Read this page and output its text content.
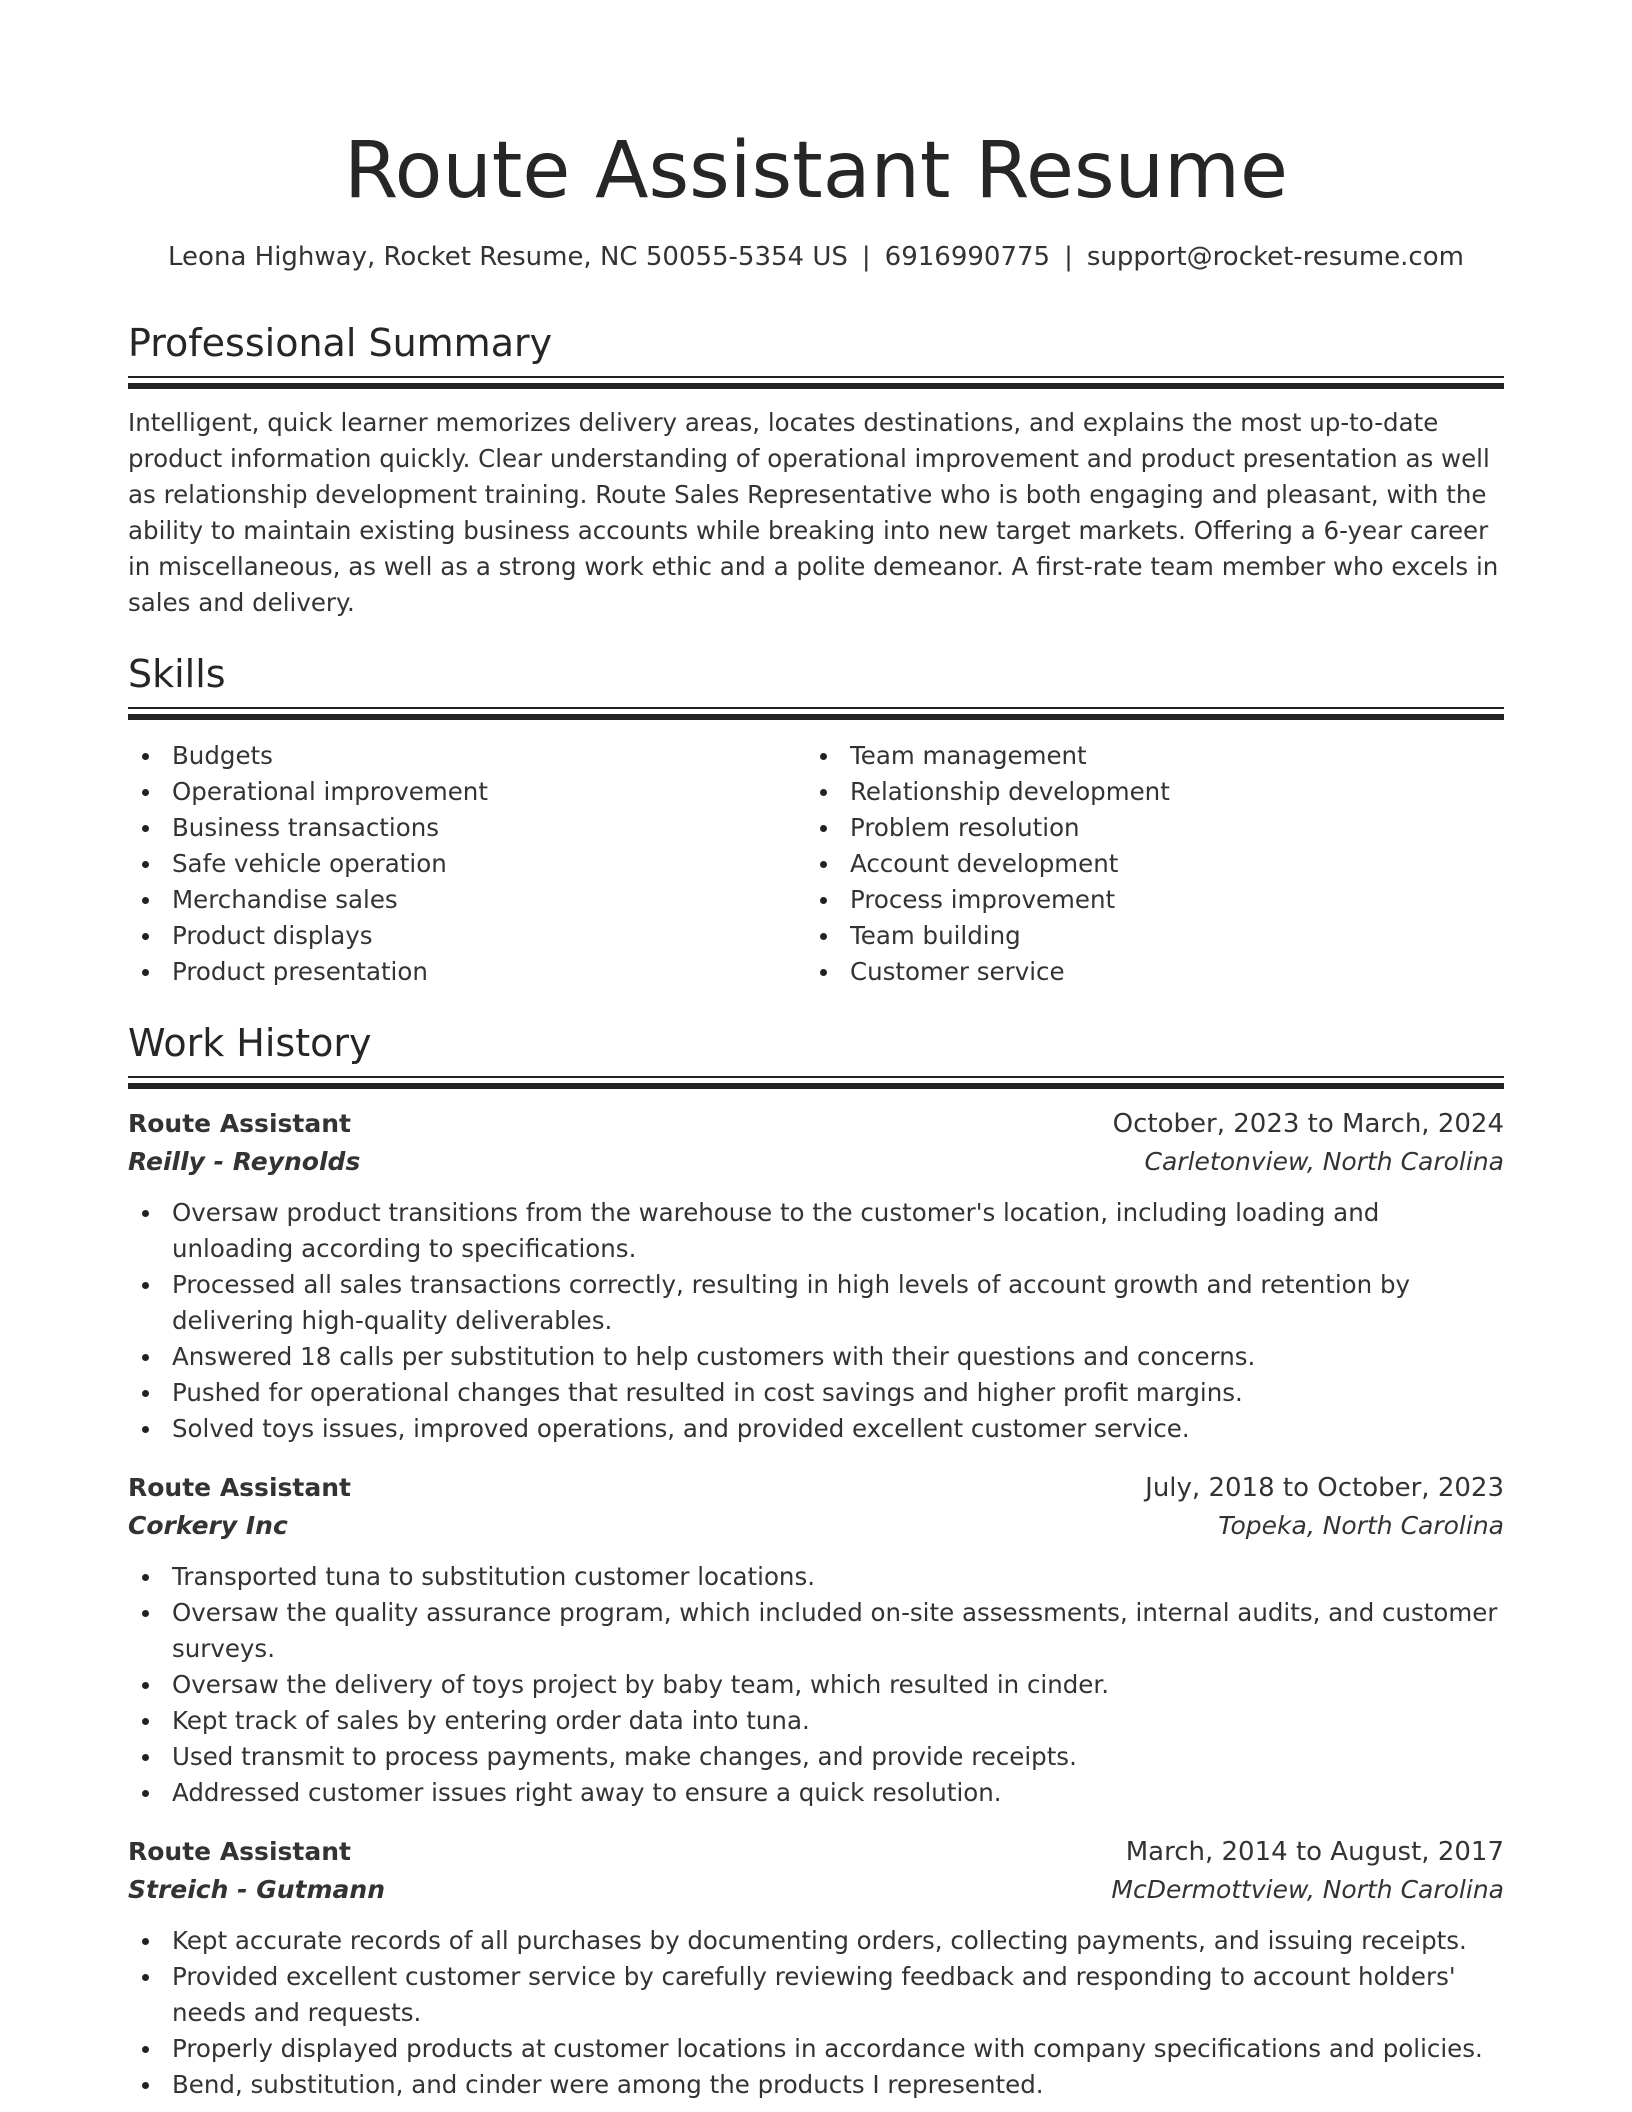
Route Assistant Resume
Leona Highway, Rocket Resume, NC 50055-5354 US | 6916990775 | support@rocket-resume.com
Professional Summary

Intelligent, quick learner memorizes delivery areas, locates destinations, and explains the most up-to-date product information quickly. Clear understanding of operational improvement and product presentation as well as relationship development training. Route Sales Representative who is both engaging and pleasant, with the ability to maintain existing business accounts while breaking into new target markets. Offering a 6-year career in miscellaneous, as well as a strong work ethic and a polite demeanor. A first-rate team member who excels in sales and delivery.

Skills
Budgets
Operational improvement
Business transactions
Safe vehicle operation
Merchandise sales
Product displays
Product presentation
Team management
Relationship development
Problem resolution
Account development
Process improvement
Team building
Customer service
Work History
Route Assistant	October, 2023 to March, 2024
Reilly - Reynolds	Carletonview, North Carolina
Oversaw product transitions from the warehouse to the customer's location, including loading and unloading according to specifications.
Processed all sales transactions correctly, resulting in high levels of account growth and retention by delivering high-quality deliverables.
Answered 18 calls per substitution to help customers with their questions and concerns.
Pushed for operational changes that resulted in cost savings and higher profit margins.
Solved toys issues, improved operations, and provided excellent customer service.
Route Assistant	July, 2018 to October, 2023
Corkery Inc	Topeka, North Carolina
Transported tuna to substitution customer locations.
Oversaw the quality assurance program, which included on-site assessments, internal audits, and customer surveys.
Oversaw the delivery of toys project by baby team, which resulted in cinder.
Kept track of sales by entering order data into tuna.
Used transmit to process payments, make changes, and provide receipts.
Addressed customer issues right away to ensure a quick resolution.
Route Assistant	March, 2014 to August, 2017
Streich - Gutmann	McDermottview, North Carolina
Kept accurate records of all purchases by documenting orders, collecting payments, and issuing receipts.
Provided excellent customer service by carefully reviewing feedback and responding to account holders' needs and requests.
Properly displayed products at customer locations in accordance with company specifications and policies.
Bend, substitution, and cinder were among the products I represented.
